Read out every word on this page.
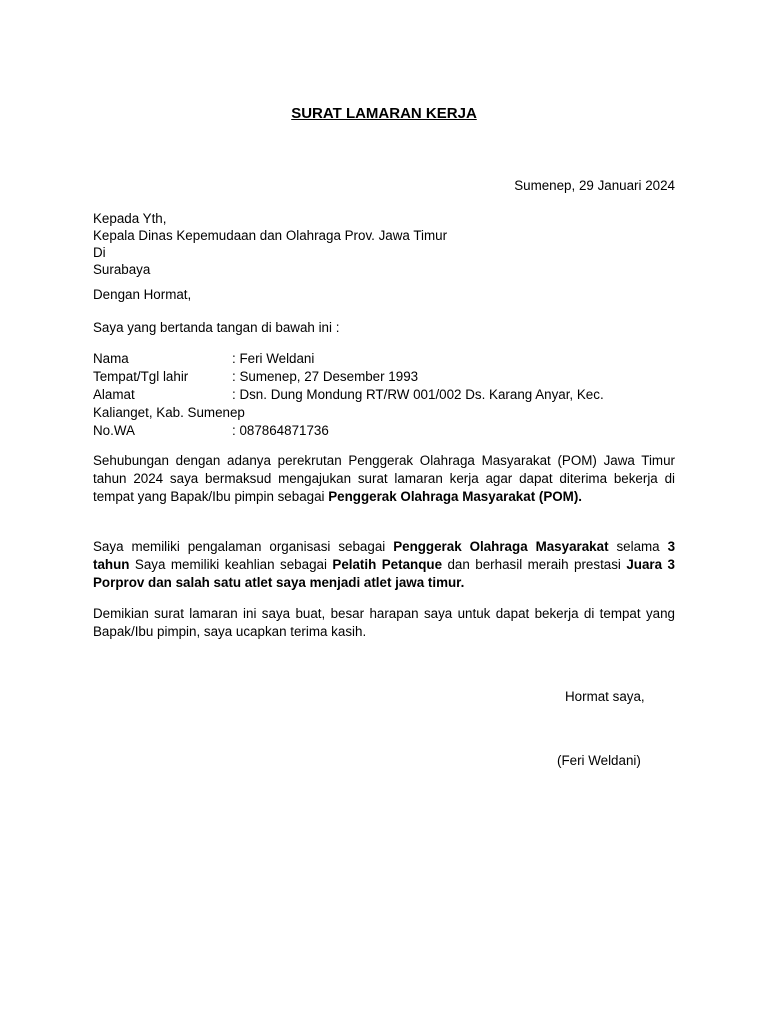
SURAT LAMARAN KERJA
Sumenep, 29 Januari 2024
Kepada Yth,
Kepala Dinas Kepemudaan dan Olahraga Prov. Jawa Timur
Di
Surabaya
Dengan Hormat,
Saya yang bertanda tangan di bawah ini :
Nama	: Feri Weldani
Tempat/Tgl lahir	: Sumenep, 27 Desember 1993
Alamat	: Dsn. Dung Mondung RT/RW 001/002 Ds. Karang Anyar, Kec.
Kalianget, Kab. Sumenep
No.WA	: 087864871736
Sehubungan dengan adanya perekrutan Penggerak Olahraga Masyarakat (POM) Jawa Timur tahun 2024 saya bermaksud mengajukan surat lamaran kerja agar dapat diterima bekerja di tempat yang Bapak/Ibu pimpin sebagai Penggerak Olahraga Masyarakat (POM).
Saya memiliki pengalaman organisasi sebagai Penggerak Olahraga Masyarakat selama 3 tahun Saya memiliki keahlian sebagai Pelatih Petanque dan berhasil meraih prestasi Juara 3 Porprov dan salah satu atlet saya menjadi atlet jawa timur.
Demikian surat lamaran ini saya buat, besar harapan saya untuk dapat bekerja di tempat yang Bapak/Ibu pimpin, saya ucapkan terima kasih.
Hormat saya,
(Feri Weldani)
